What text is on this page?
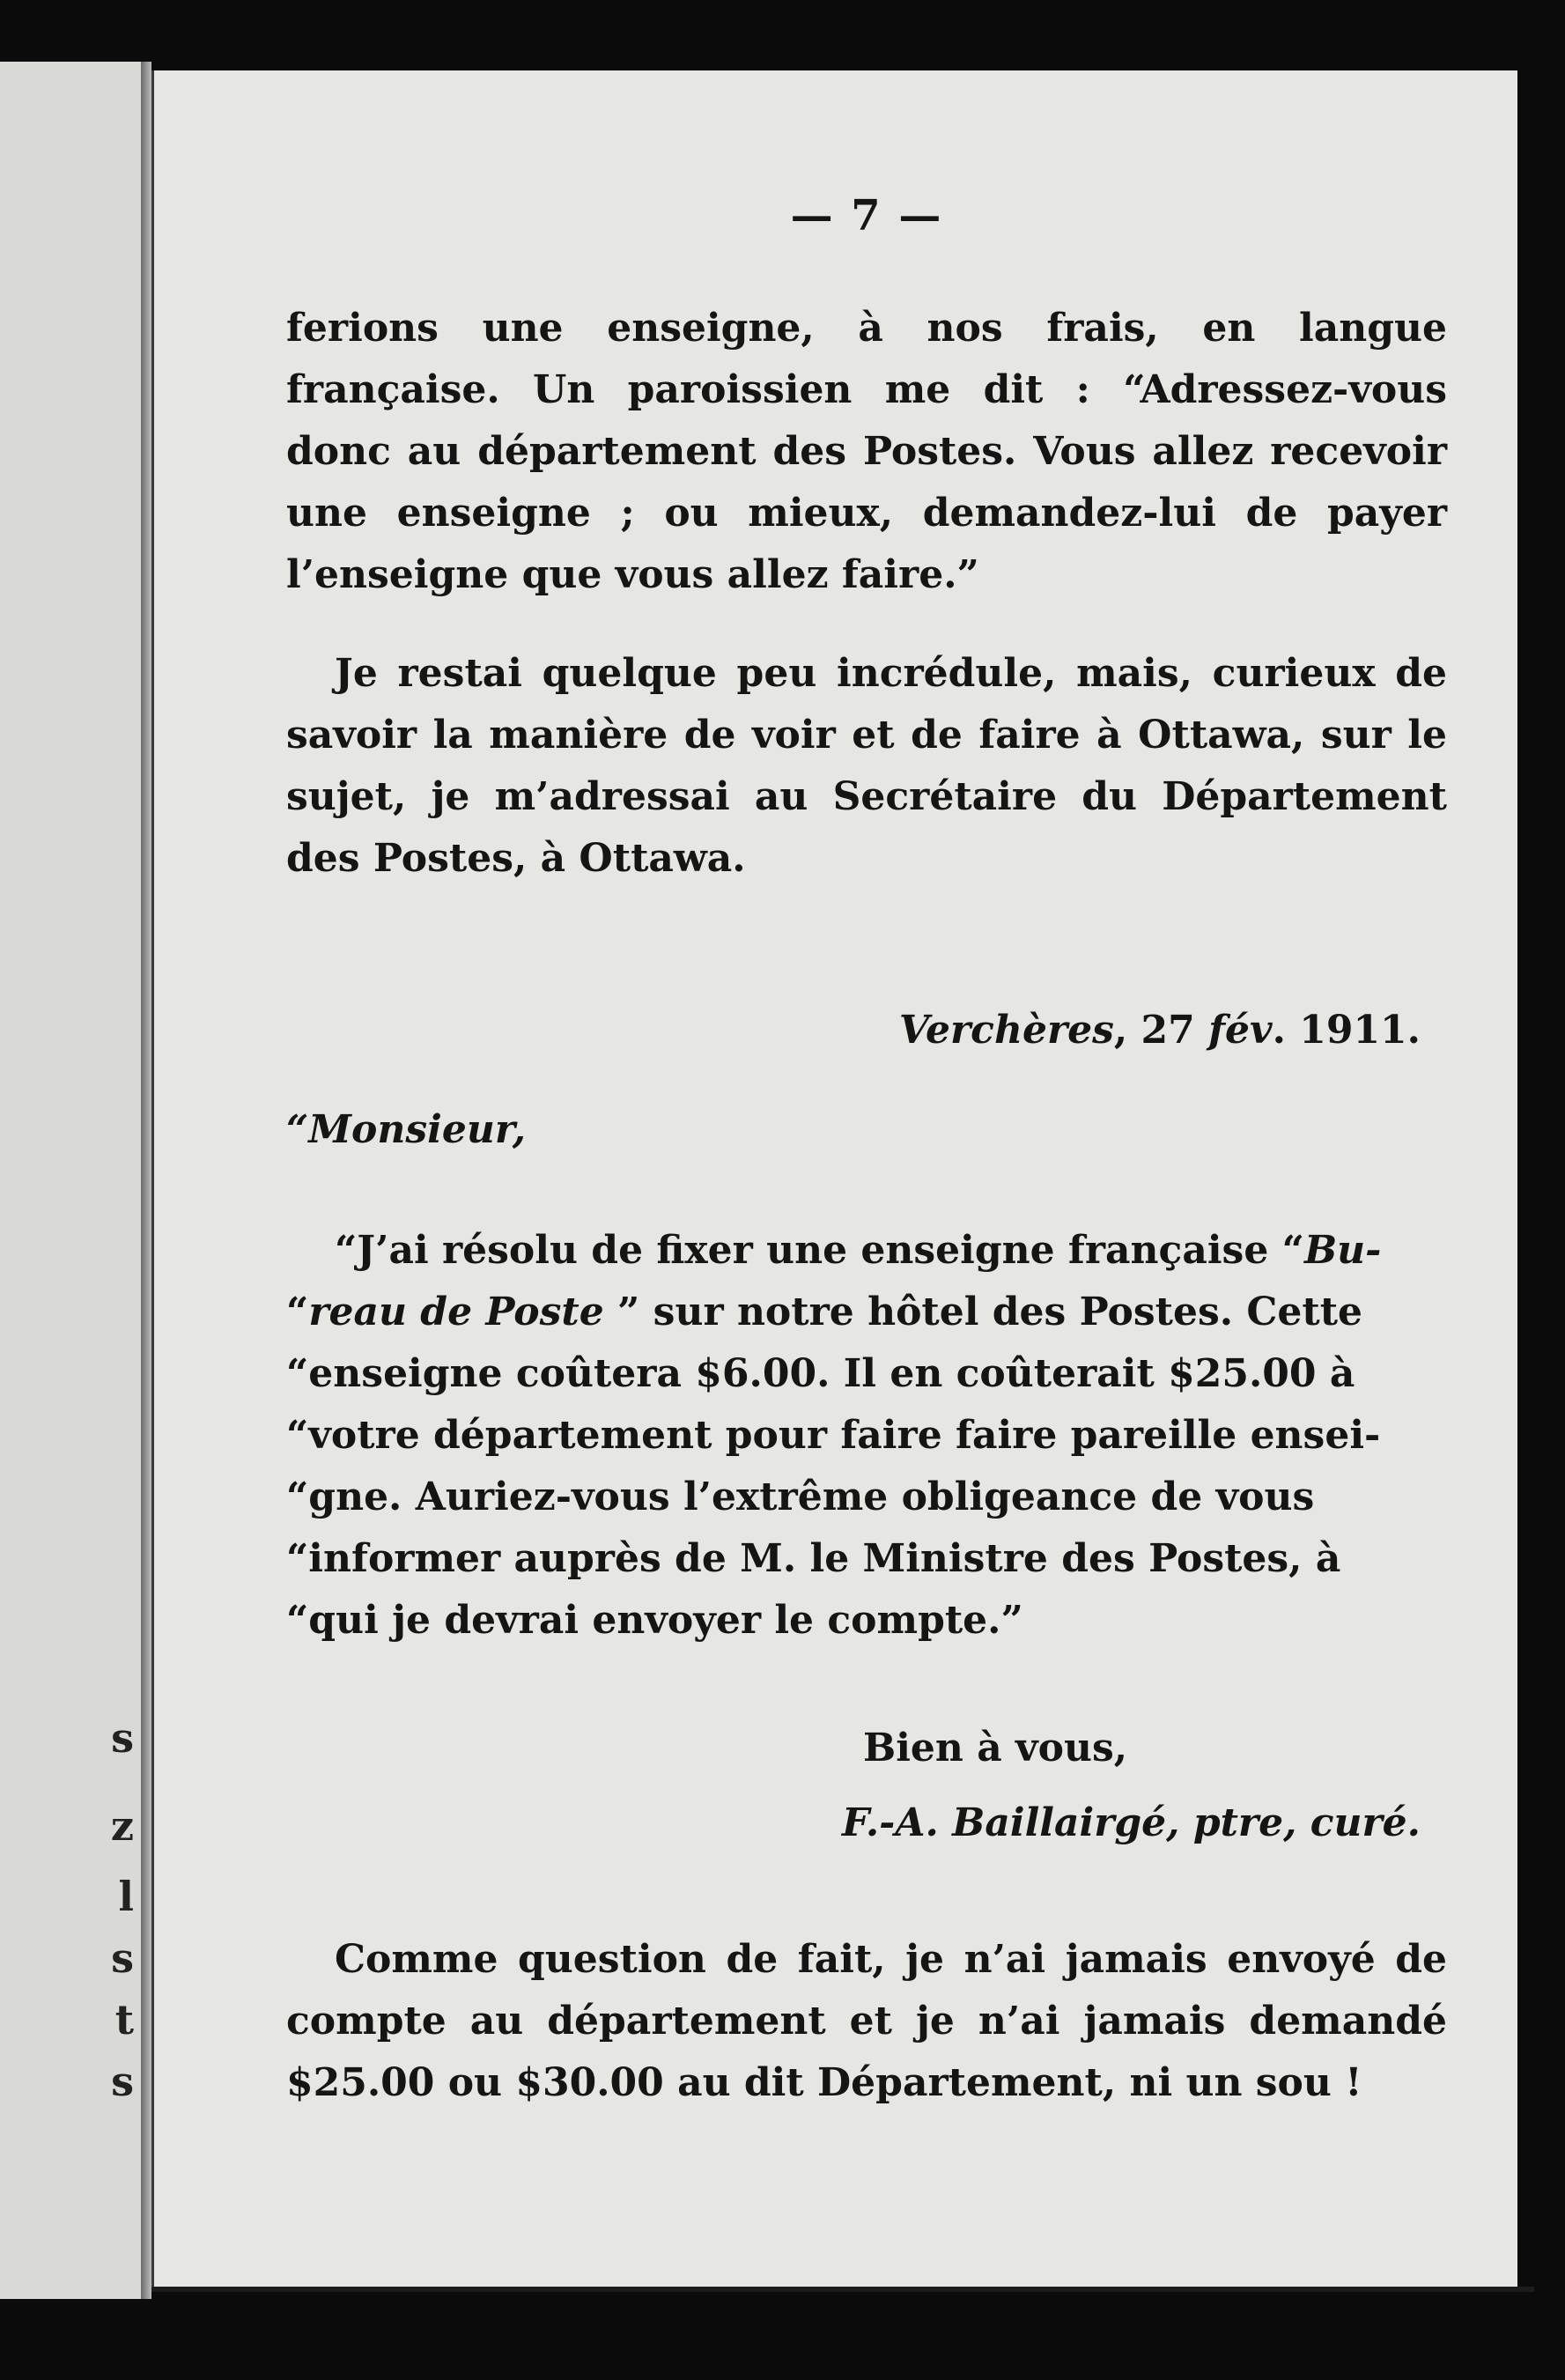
s
z
l
s
t
s
— 7 —

ferions une enseigne, à nos frais, en langue française. Un paroissien me dit : “Adressez-vous donc au département des Postes. Vous allez recevoir une enseigne ; ou mieux, demandez-lui de payer l’enseigne que vous allez faire.”

Je restai quelque peu incrédule, mais, curieux de savoir la manière de voir et de faire à Ottawa, sur le sujet, je m’adressai au Secrétaire du Département des Postes, à Ottawa.

Verchères, 27 fév. 1911.
“Monsieur,
“J’ai résolu de fixer une enseigne française “Bu-
“reau de Poste ” sur notre hôtel des Postes. Cette
“enseigne coûtera $6.00. Il en coûterait $25.00 à
“votre département pour faire faire pareille ensei-
“gne. Auriez-vous l’extrême obligeance de vous
“informer auprès de M. le Ministre des Postes, à
“qui je devrai envoyer le compte.”
Bien à vous,
F.-A. Baillairgé, ptre, curé.

Comme question de fait, je n’ai jamais envoyé de compte au département et je n’ai jamais demandé $25.00 ou $30.00 au dit Département, ni un sou !
